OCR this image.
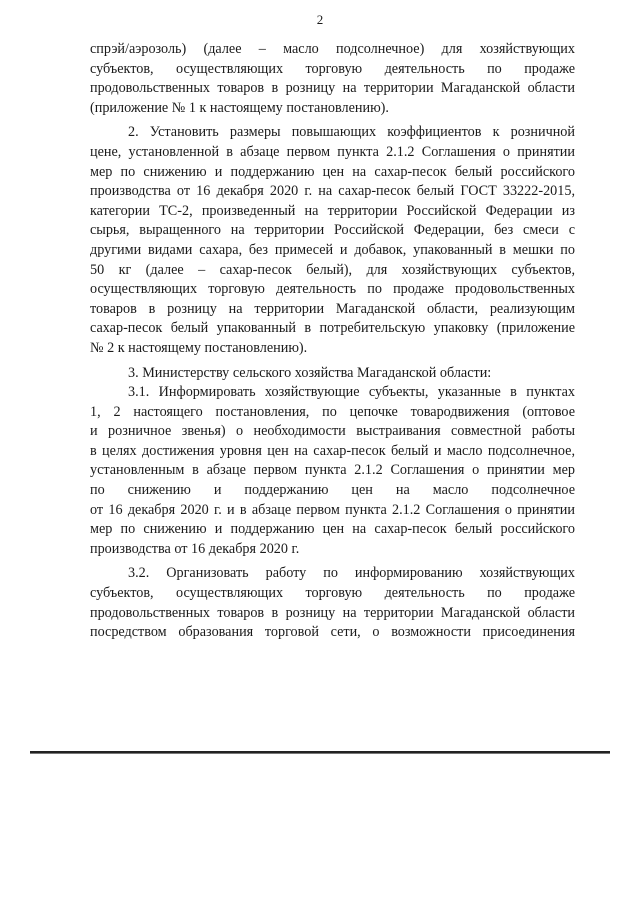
2
спрэй/аэрозоль) (далее – масло подсолнечное) для хозяйствующих
субъектов, осуществляющих торговую деятельность по продаже
продовольственных товаров в розницу на территории Магаданской области
(приложение № 1 к настоящему постановлению).
2. Установить размеры повышающих коэффициентов к розничной
цене, установленной в абзаце первом пункта 2.1.2 Соглашения о принятии
мер по снижению и поддержанию цен на сахар-песок белый российского
производства от 16 декабря 2020 г. на сахар-песок белый ГОСТ 33222-2015,
категории ТС-2, произведенный на территории Российской Федерации из
сырья, выращенного на территории Российской Федерации, без смеси с
другими видами сахара, без примесей и добавок, упакованный в мешки по
50 кг (далее – сахар-песок белый), для хозяйствующих субъектов,
осуществляющих торговую деятельность по продаже продовольственных
товаров в розницу на территории Магаданской области, реализующим
сахар-песок белый упакованный в потребительскую упаковку (приложение
№ 2 к настоящему постановлению).
3. Министерству сельского хозяйства Магаданской области:
3.1. Информировать хозяйствующие субъекты, указанные в пунктах
1, 2 настоящего постановления, по цепочке товародвижения (оптовое
и розничное звенья) о необходимости выстраивания совместной работы
в целях достижения уровня цен на сахар-песок белый и масло подсолнечное,
установленным в абзаце первом пункта 2.1.2 Соглашения о принятии мер
по снижению и поддержанию цен на масло подсолнечное
от 16 декабря 2020 г. и в абзаце первом пункта 2.1.2 Соглашения о принятии
мер по снижению и поддержанию цен на сахар-песок белый российского
производства от 16 декабря 2020 г.
3.2. Организовать работу по информированию хозяйствующих
субъектов, осуществляющих торговую деятельность по продаже
продовольственных товаров в розницу на территории Магаданской области
посредством образования торговой сети, о возможности присоединения
